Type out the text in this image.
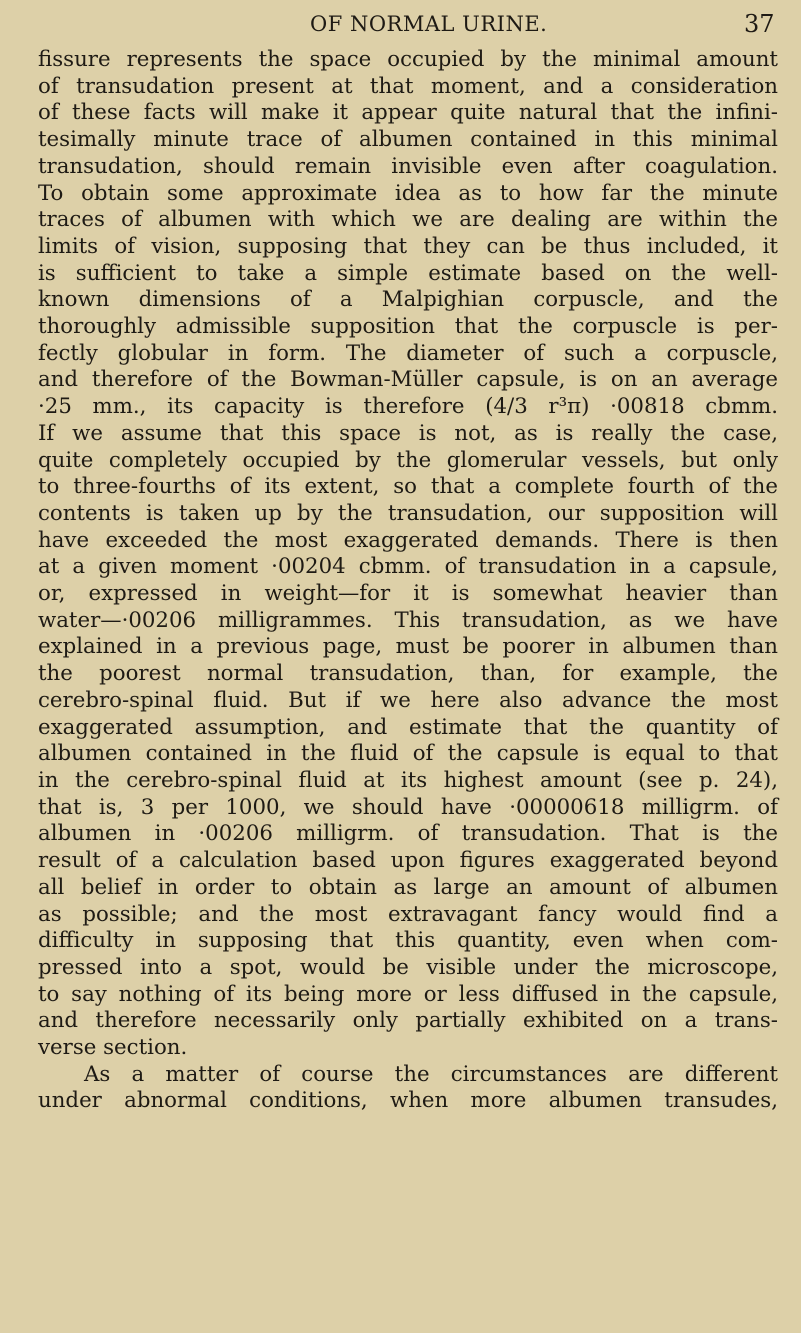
OF NORMAL URINE.	37
fissure represents the space occupied by the minimal amount
of transudation present at that moment, and a consideration
of these facts will make it appear quite natural that the infini-
tesimally minute trace of albumen contained in this minimal
transudation, should remain invisible even after coagulation.
To obtain some approximate idea as to how far the minute
traces of albumen with which we are dealing are within the
limits of vision, supposing that they can be thus included, it
is sufficient to take a simple estimate based on the well-
known dimensions of a Malpighian corpuscle, and the
thoroughly admissible supposition that the corpuscle is per-
fectly globular in form. The diameter of such a corpuscle,
and therefore of the Bowman-Müller capsule, is on an average
·25 mm., its capacity is therefore (4/3 r³π) ·00818 cbmm.
If we assume that this space is not, as is really the case,
quite completely occupied by the glomerular vessels, but only
to three-fourths of its extent, so that a complete fourth of the
contents is taken up by the transudation, our supposition will
have exceeded the most exaggerated demands. There is then
at a given moment ·00204 cbmm. of transudation in a capsule,
or, expressed in weight—for it is somewhat heavier than
water—·00206 milligrammes. This transudation, as we have
explained in a previous page, must be poorer in albumen than
the poorest normal transudation, than, for example, the
cerebro-spinal fluid. But if we here also advance the most
exaggerated assumption, and estimate that the quantity of
albumen contained in the fluid of the capsule is equal to that
in the cerebro-spinal fluid at its highest amount (see p. 24),
that is, 3 per 1000, we should have ·00000618 milligrm. of
albumen in ·00206 milligrm. of transudation. That is the
result of a calculation based upon figures exaggerated beyond
all belief in order to obtain as large an amount of albumen
as possible; and the most extravagant fancy would find a
difficulty in supposing that this quantity, even when com-
pressed into a spot, would be visible under the microscope,
to say nothing of its being more or less diffused in the capsule,
and therefore necessarily only partially exhibited on a trans-
verse section.
As a matter of course the circumstances are different
under abnormal conditions, when more albumen transudes,
